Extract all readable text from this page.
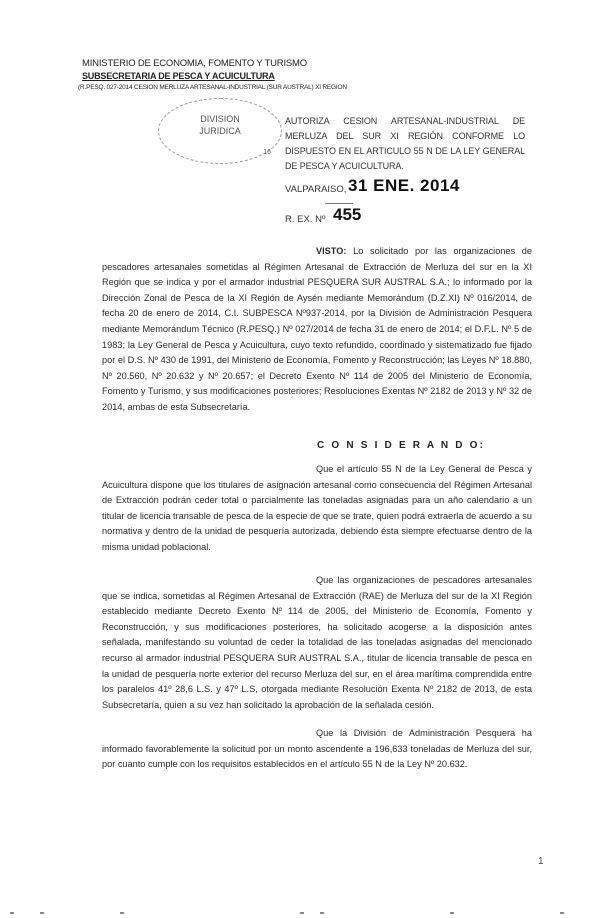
MINISTERIO DE ECONOMIA, FOMENTO Y TURISMO
SUBSECRETARIA DE PESCA Y ACUICULTURA
(R.PESQ. 027-2014 CESION MERLUZA ARTESANAL-INDUSTRIAL (SUR AUSTRAL) XI REGION
DIVISION
JURIDICA
16
AUTORIZA CESION ARTESANAL-INDUSTRIAL DE MERLUZA DEL SUR XI REGIÓN CONFORME LO DISPUESTO EN EL ARTICULO 55 N DE LA LEY GENERAL DE PESCA Y ACUICULTURA.
VALPARAISO, 31 ENE. 2014
R. EX. Nº 455
VISTO: Lo solicitado por las organizaciones de pescadores artesanales sometidas al Régimen Artesanal de Extracción de Merluza del sur en la XI Región que se indica y por el armador industrial PESQUERA SUR AUSTRAL S.A.; lo informado por la Dirección Zonal de Pesca de la XI Región de Aysén mediante Memorándum (D.Z.XI) Nº 016/2014, de fecha 20 de enero de 2014, C.I. SUBPESCA Nº937-2014, por la División de Administración Pesquera mediante Memorándum Técnico (R.PESQ.) Nº 027/2014 de fecha 31 de enero de 2014; el D.F.L. Nº 5 de 1983; la Ley General de Pesca y Acuicultura, cuyo texto refundido, coordinado y sistematizado fue fijado por el D.S. Nº 430 de 1991, del Ministerio de Economía, Fomento y Reconstrucción; las Leyes Nº 18.880, Nº 20.560, Nº 20.632 y Nº 20.657; el Decreto Exento Nº 114 de 2005 del Ministerio de Economía, Fomento y Turismo, y sus modificaciones posteriores; Resoluciones Exentas Nº 2182 de 2013 y Nº 32 de 2014, ambas de esta Subsecretaría.
C O N S I D E R A N D O:
Que el artículo 55 N de la Ley General de Pesca y Acuicultura dispone que los titulares de asignación artesanal como consecuencia del Régimen Artesanal de Extracción podrán ceder total o parcialmente las toneladas asignadas para un año calendario a un titular de licencia transable de pesca de la especie de que se trate, quien podrá extraerla de acuerdo a su normativa y dentro de la unidad de pesquería autorizada, debiendo ésta siempre efectuarse dentro de la misma unidad poblacional.
Que las organizaciones de pescadores artesanales que se indica, sometidas al Régimen Artesanal de Extracción (RAE) de Merluza del sur de la XI Región establecido mediante Decreto Exento Nº 114 de 2005, del Ministerio de Economía, Fomento y Reconstrucción, y sus modificaciones posteriores, ha solicitado acogerse a la disposición antes señalada, manifestando su voluntad de ceder la totalidad de las toneladas asignadas del mencionado recurso al armador industrial PESQUERA SUR AUSTRAL S.A., titular de licencia transable de pesca en la unidad de pesquería norte exterior del recurso Merluza del sur, en el área marítima comprendida entre los paralelos 41º 28,6 L.S. y 47º L.S, otorgada mediante Resolución Exenta Nº 2182 de 2013, de esta Subsecretaría, quien a su vez han solicitado la aprobación de la señalada cesión.
Que la División de Administración Pesquera ha informado favorablemente la solicitud por un monto ascendente a 196,633 toneladas de Merluza del sur, por cuanto cumple con los requisitos establecidos en el artículo 55 N de la Ley Nº 20.632.
1
